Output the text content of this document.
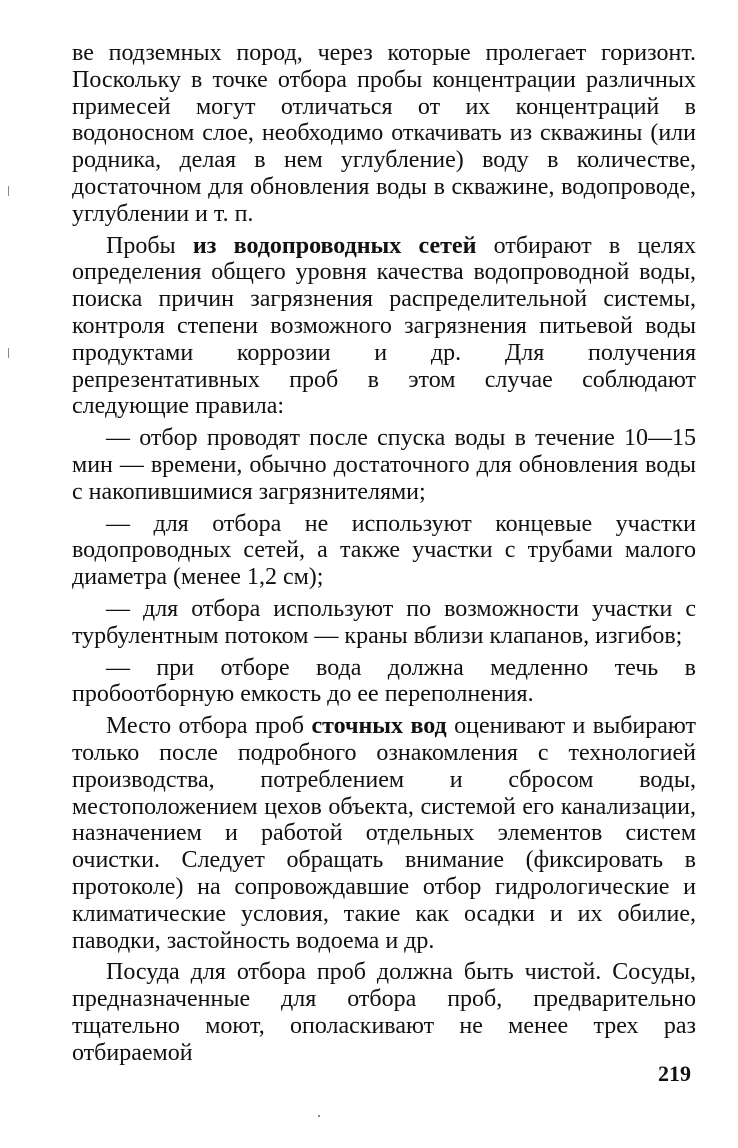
ве подземных пород, через которые пролегает горизонт. Поскольку в точке отбора пробы концентрации различных примесей могут отличаться от их концентраций в водоносном слое, необходимо откачивать из скважины (или родника, делая в нем углубление) воду в количестве, достаточном для обновления воды в скважине, водопроводе, углублении и т. п.

Пробы из водопроводных сетей отбирают в целях определения общего уровня качества водопроводной воды, поиска причин загрязнения распределительной системы, контроля степени возможного загрязнения питьевой воды продуктами коррозии и др. Для получения репрезентативных проб в этом случае соблюдают следующие правила:

— отбор проводят после спуска воды в течение 10—15 мин — времени, обычно достаточного для обновления воды с накопившимися загрязнителями;

— для отбора не используют концевые участки водопроводных сетей, а также участки с трубами малого диаметра (менее 1,2 см);

— для отбора используют по возможности участки с турбулентным потоком — краны вблизи клапанов, изгибов;

— при отборе вода должна медленно течь в пробоотборную емкость до ее переполнения.

Место отбора проб сточных вод оценивают и выбирают только после подробного ознакомления с технологией производства, потреблением и сбросом воды, местоположением цехов объекта, системой его канализации, назначением и работой отдельных элементов систем очистки. Следует обращать внимание (фиксировать в протоколе) на сопровождавшие отбор гидрологические и климатические условия, такие как осадки и их обилие, паводки, застойность водоема и др.

Посуда для отбора проб должна быть чистой. Сосуды, предназначенные для отбора проб, предварительно тщательно моют, ополаскивают не менее трех раз отбираемой

219
